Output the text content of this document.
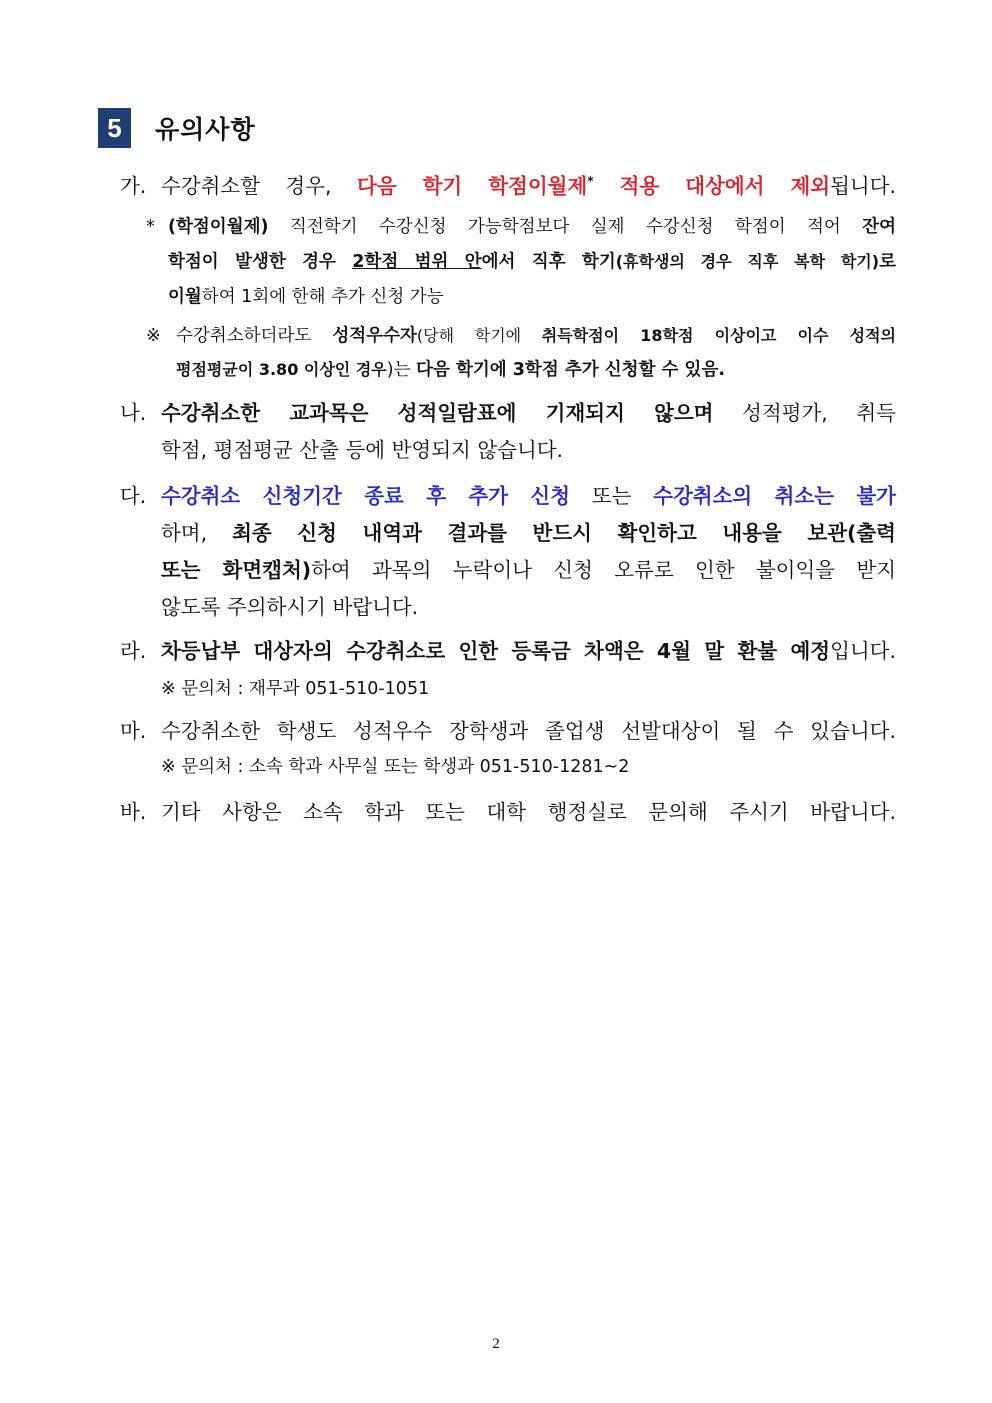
5	유의사항
가. 수강취소할 경우, 다음 학기 학점이월제* 적용 대상에서 제외됩니다.
* (학점이월제) 직전학기 수강신청 가능학점보다 실제 수강신청 학점이 적어 잔여
학점이 발생한 경우 2학점 범위 안에서 직후 학기(휴학생의 경우 직후 복학 학기)로
이월하여 1회에 한해 추가 신청 가능
※ 수강취소하더라도 성적우수자(당해 학기에 취득학점이 18학점 이상이고 이수 성적의
평점평균이 3.80 이상인 경우)는 다음 학기에 3학점 추가 신청할 수 있음.
나. 수강취소한 교과목은 성적일람표에 기재되지 않으며 성적평가, 취득
학점, 평점평균 산출 등에 반영되지 않습니다.
다. 수강취소 신청기간 종료 후 추가 신청 또는 수강취소의 취소는 불가
하며, 최종 신청 내역과 결과를 반드시 확인하고 내용을 보관(출력
또는 화면캡처)하여 과목의 누락이나 신청 오류로 인한 불이익을 받지
않도록 주의하시기 바랍니다.
라. 차등납부 대상자의 수강취소로 인한 등록금 차액은 4월 말 환불 예정입니다.
※ 문의처 : 재무과 051-510-1051
마. 수강취소한 학생도 성적우수 장학생과 졸업생 선발대상이 될 수 있습니다.
※ 문의처 : 소속 학과 사무실 또는 학생과 051-510-1281~2
바. 기타 사항은 소속 학과 또는 대학 행정실로 문의해 주시기 바랍니다.
2
